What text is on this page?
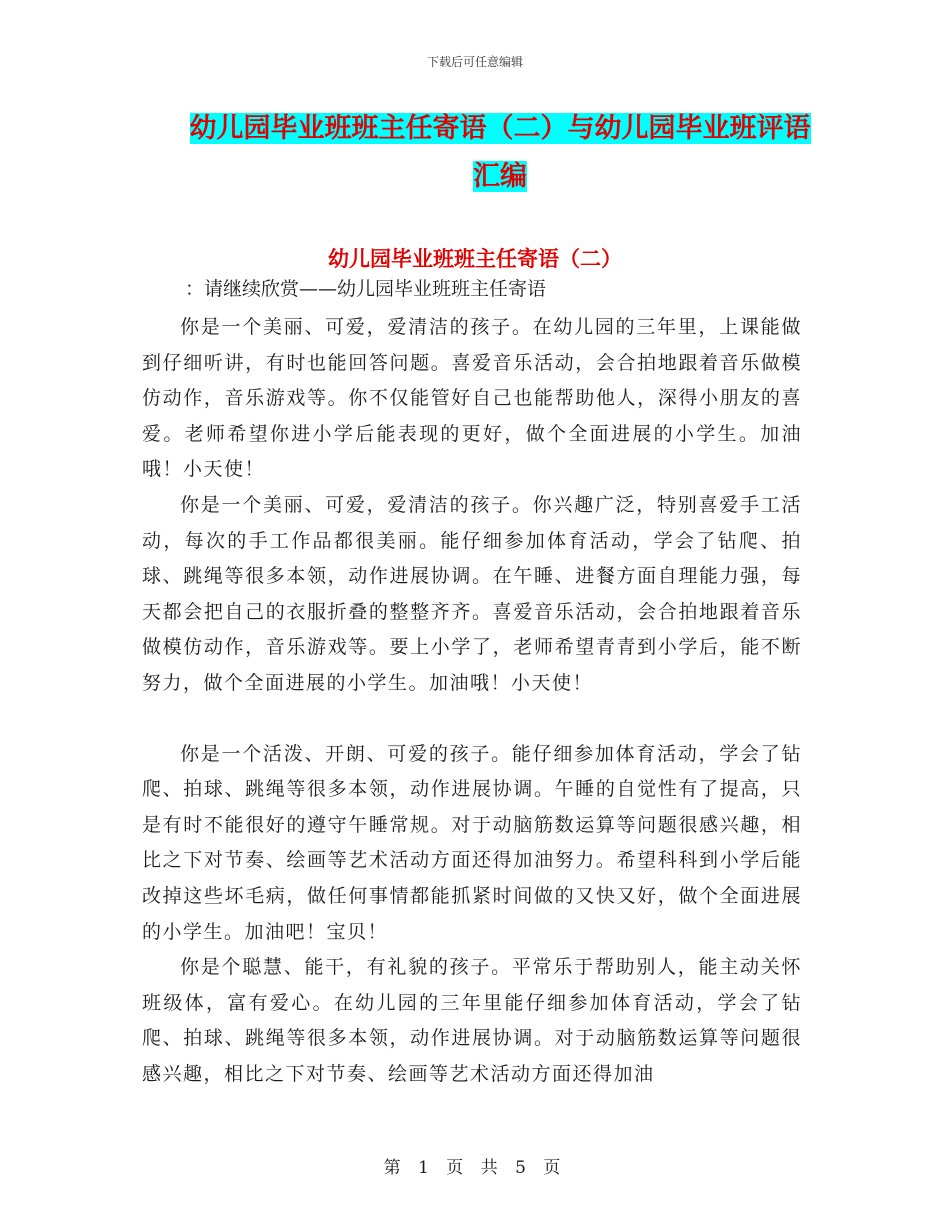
下载后可任意编辑
幼儿园毕业班班主任寄语（二）与幼儿园毕业班评语
汇编
幼儿园毕业班班主任寄语（二）
：请继续欣赏——幼儿园毕业班班主任寄语

你是一个美丽、可爱，爱清洁的孩子。在幼儿园的三年里，上课能做到仔细听讲，有时也能回答问题。喜爱音乐活动，会合拍地跟着音乐做模仿动作，音乐游戏等。你不仅能管好自己也能帮助他人，深得小朋友的喜爱。老师希望你进小学后能表现的更好，做个全面进展的小学生。加油哦！小天使！

你是一个美丽、可爱，爱清洁的孩子。你兴趣广泛，特别喜爱手工活动，每次的手工作品都很美丽。能仔细参加体育活动，学会了钻爬、拍球、跳绳等很多本领，动作进展协调。在午睡、进餐方面自理能力强，每天都会把自己的衣服折叠的整整齐齐。喜爱音乐活动，会合拍地跟着音乐做模仿动作，音乐游戏等。要上小学了，老师希望青青到小学后，能不断努力，做个全面进展的小学生。加油哦！小天使！

你是一个活泼、开朗、可爱的孩子。能仔细参加体育活动，学会了钻爬、拍球、跳绳等很多本领，动作进展协调。午睡的自觉性有了提高，只是有时不能很好的遵守午睡常规。对于动脑筋数运算等问题很感兴趣，相比之下对节奏、绘画等艺术活动方面还得加油努力。希望科科到小学后能改掉这些坏毛病，做任何事情都能抓紧时间做的又快又好，做个全面进展的小学生。加油吧！宝贝！

你是个聪慧、能干，有礼貌的孩子。平常乐于帮助别人，能主动关怀班级体，富有爱心。在幼儿园的三年里能仔细参加体育活动，学会了钻爬、拍球、跳绳等很多本领，动作进展协调。对于动脑筋数运算等问题很感兴趣，相比之下对节奏、绘画等艺术活动方面还得加油

第 1 页 共 5 页
